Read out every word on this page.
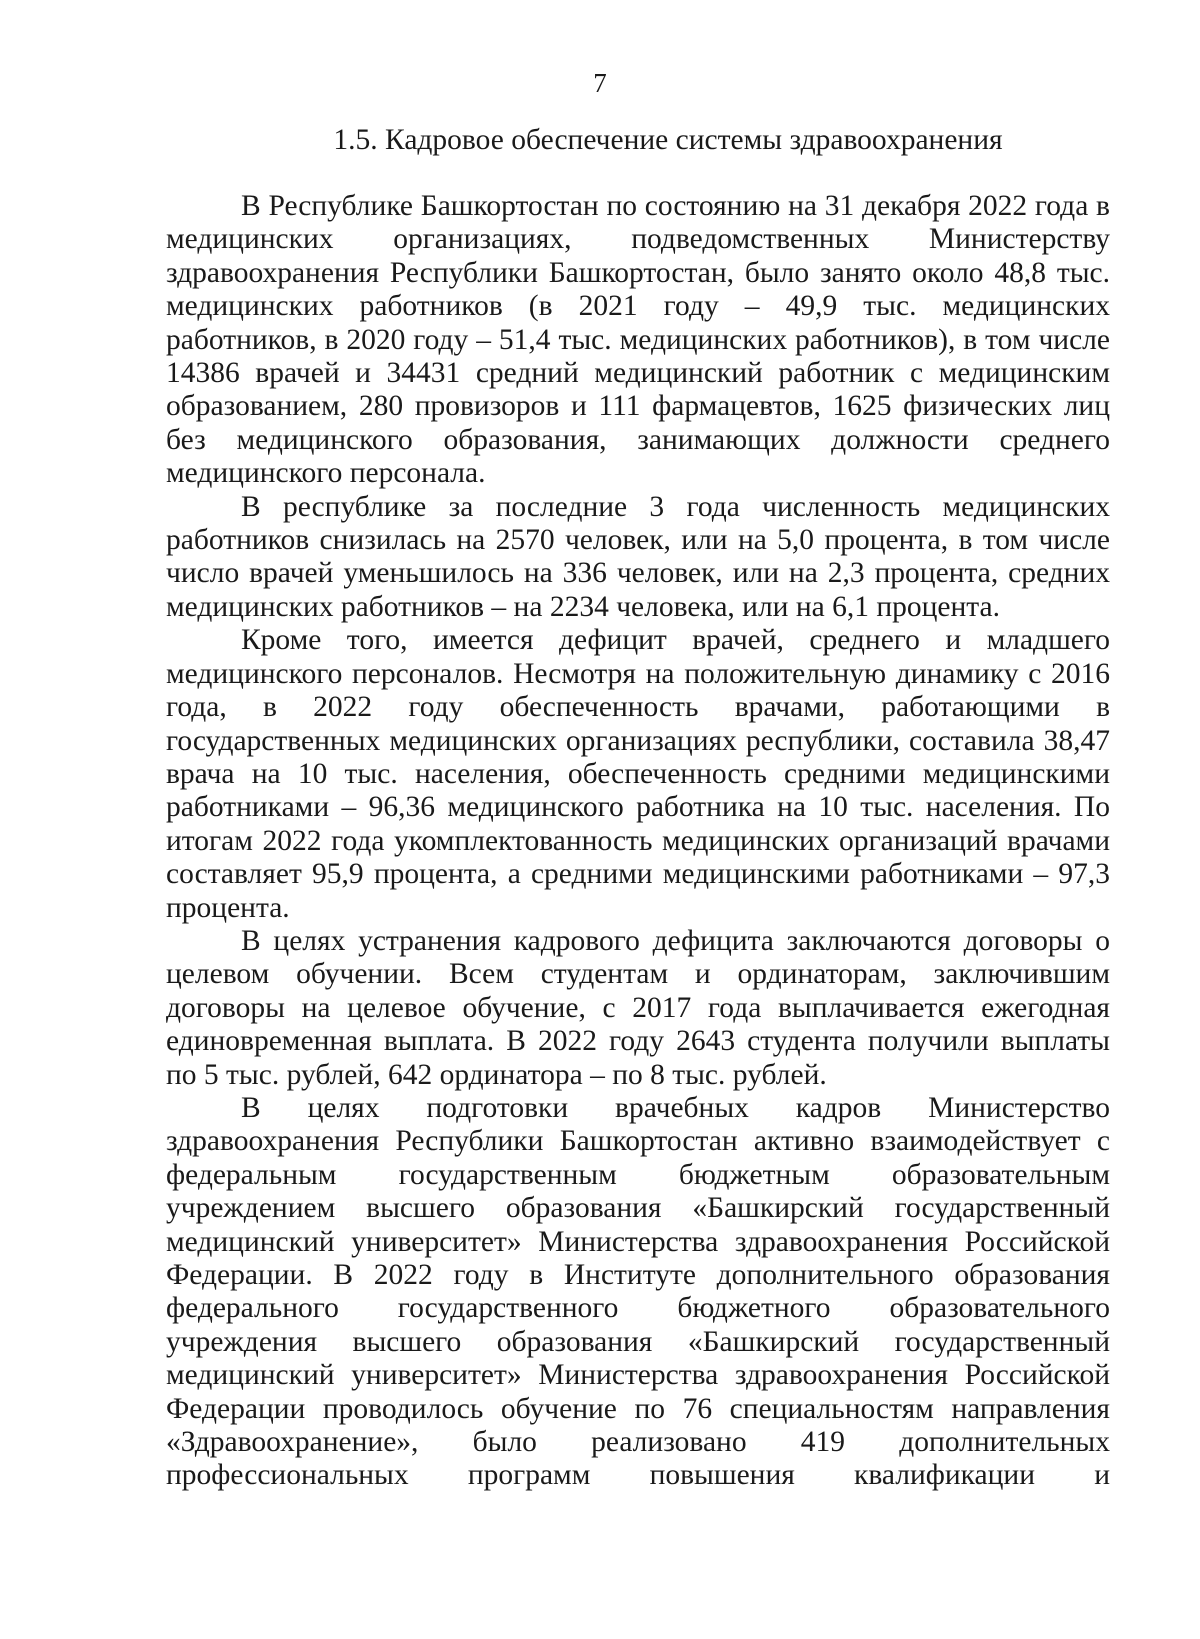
7
1.5. Кадровое обеспечение системы здравоохранения

В Республике Башкортостан по состоянию на 31 декабря 2022 года в медицинских организациях, подведомственных Министерству здравоохранения Республики Башкортостан, было занято около 48,8 тыс. медицинских работников (в 2021 году – 49,9 тыс. медицинских работников, в 2020 году – 51,4 тыс. медицинских работников), в том числе 14386 врачей и 34431 средний медицинский работник с медицинским образованием, 280 провизоров и 111 фармацевтов, 1625 физических лиц без медицинского образования, занимающих должности среднего медицинского персонала.

В республике за последние 3 года численность медицинских работников снизилась на 2570 человек, или на 5,0 процента, в том числе число врачей уменьшилось на 336 человек, или на 2,3 процента, средних медицинских работников – на 2234 человека, или на 6,1 процента.

Кроме того, имеется дефицит врачей, среднего и младшего медицинского персоналов. Несмотря на положительную динамику с 2016 года, в 2022 году обеспеченность врачами, работающими в государственных медицинских организациях республики, составила 38,47 врача на 10 тыс. населения, обеспеченность средними медицинскими работниками – 96,36 медицинского работника на 10 тыс. населения. По итогам 2022 года укомплектованность медицинских организаций врачами составляет 95,9 процента, а средними медицинскими работниками – 97,3 процента.

В целях устранения кадрового дефицита заключаются договоры о целевом обучении. Всем студентам и ординаторам, заключившим договоры на целевое обучение, с 2017 года выплачивается ежегодная единовременная выплата. В 2022 году 2643 студента получили выплаты по 5 тыс. рублей, 642 ординатора – по 8 тыс. рублей.

В целях подготовки врачебных кадров Министерство здравоохранения Республики Башкортостан активно взаимодействует с федеральным государственным бюджетным образовательным учреждением высшего образования «Башкирский государственный медицинский университет» Министерства здравоохранения Российской Федерации. В 2022 году в Институте дополнительного образования федерального государственного бюджетного образовательного учреждения высшего образования «Башкирский государственный медицинский университет» Министерства здравоохранения Российской Федерации проводилось обучение по 76 специальностям направления «Здравоохранение», было реализовано 419 дополнительных профессиональных программ повышения квалификации и
